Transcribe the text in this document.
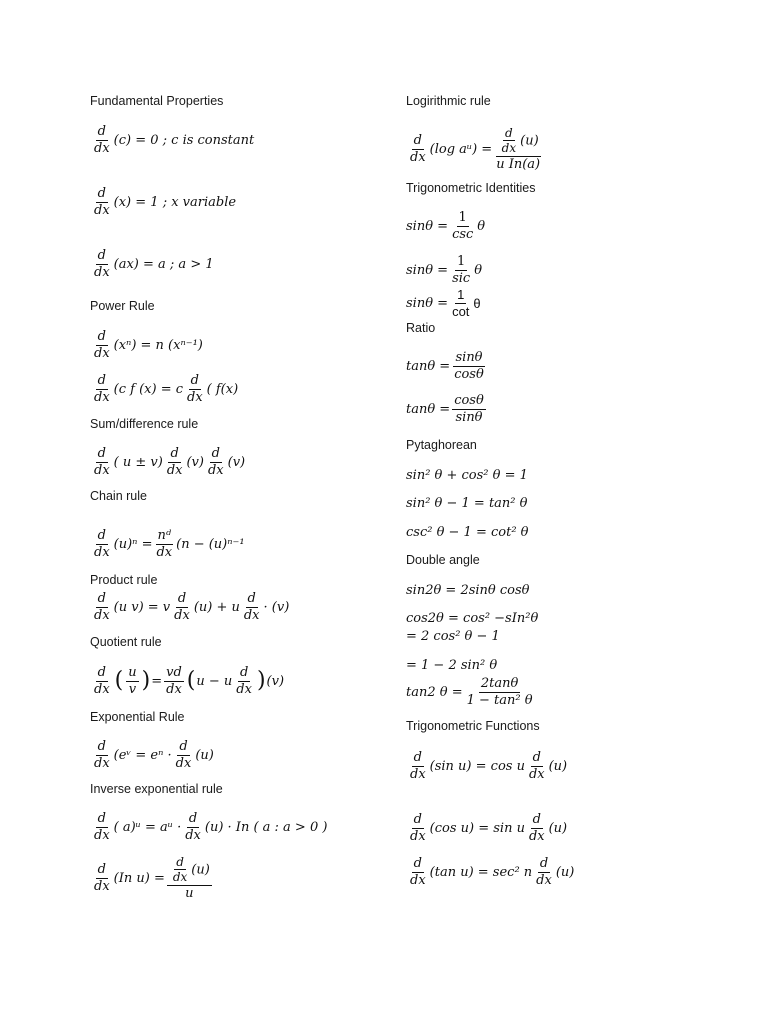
Fundamental Properties
$\frac{d}{dx} (c) = 0$ ; c is constant
$\frac{d}{dx} (x) = 1$ ; x variable
$\frac{d}{dx} (ax) = a$ ; a > 1
Power Rule
$\frac{d}{dx} (x^n) = n$ (xⁿ⁻¹)
$\frac{d}{dx} (c$ f (x) = c $\frac{d}{dx}$ ( f(x)
Sum/difference rule
$\frac{d}{dx}$ ( $u \pm v) \frac{d}{dx} (v) \frac{d}{dx} (v)$
Chain rule
$\frac{d}{dx} (u)^n = \frac{\text{nᵈ}}{dx} (n - (u)^{n-1}$
Product rule
$\frac{d}{dx} (u$ v) = v $\frac{d}{dx} (u) + u \frac{d}{dx} \cdot (v)$
Quotient rule
$\frac{d}{dx}$ ( $\frac{u}{v}$ ) = $\frac{vd}{dx}$ ( u − u $\frac{d}{dx}$ ) (v)
Exponential Rule
$\frac{d}{dx}$ (eᵛ = $e^n \cdot \frac{d}{dx} (u)$
Inverse exponential rule
$\frac{d}{dx}$ ( a)ᵘ = aᵘ · $\frac{d}{dx} (u) \cdot In$ ( a : a > 0 )
$\frac{d}{dx} (In$ $u) = \frac{\frac{d}{dx} (u)}{u}$
Logirithmic rule
$\frac{d}{dx} (\log$ aᵘ) = $\frac{\frac{d}{dx} (u)}{\text{u In(a)}}$
Trigonometric Identities
$\sin\theta = \frac{1}{\csc}$ θ
$\sin\theta = \frac{1}{\text{sic}}$ θ
$\sin\theta = \frac{1}{\cot}$ θ
Ratio
$\tan\theta = \frac{\sin\theta}{\cos\theta}$
$\tan\theta = \frac{\cos\theta}{\sin\theta}$
Pytaghorean
sin² θ + cos² θ = 1
sin² θ − 1 = tan² θ
csc² θ − 1 = cot² θ
Double angle
sin2θ = 2sinθ cosθ
cos2θ = cos² −sIn²θ
= 2 cos² θ − 1
= 1 − 2 sin² θ
tan2 $\theta = \frac{2\tan\theta}{\text{1 − tan² θ}}$
Trigonometric Functions
$\frac{d}{dx} (\sin$ u) = cos u $\frac{d}{dx} (u)$
$\frac{d}{dx} (\cos$ u) = sin u $\frac{d}{dx} (u)$
$\frac{d}{dx} (\tan$ u) = sec² n $\frac{d}{dx} (u)$
